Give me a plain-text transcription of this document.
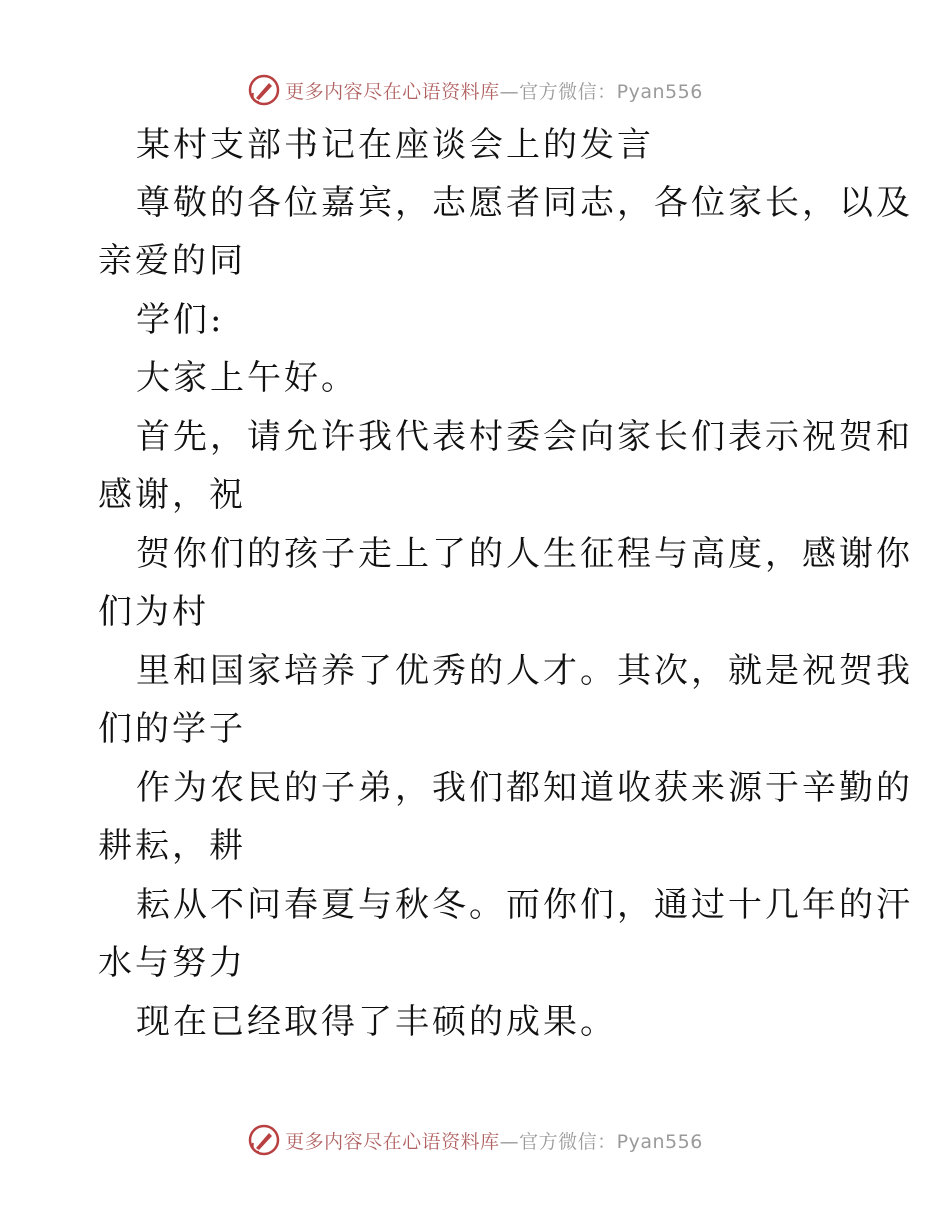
更多内容尽在心语资料库—官方微信：Pyan556
某村支部书记在座谈会上的发言
尊敬的各位嘉宾，志愿者同志，各位家长，以及
亲爱的同
学们:
大家上午好。
首先，请允许我代表村委会向家长们表示祝贺和
感谢，祝
贺你们的孩子走上了的人生征程与高度，感谢你
们为村
里和国家培养了优秀的人才。其次，就是祝贺我
们的学子
作为农民的子弟，我们都知道收获来源于辛勤的
耕耘，耕
耘从不问春夏与秋冬。而你们，通过十几年的汗
水与努力
现在已经取得了丰硕的成果。
更多内容尽在心语资料库—官方微信：Pyan556
